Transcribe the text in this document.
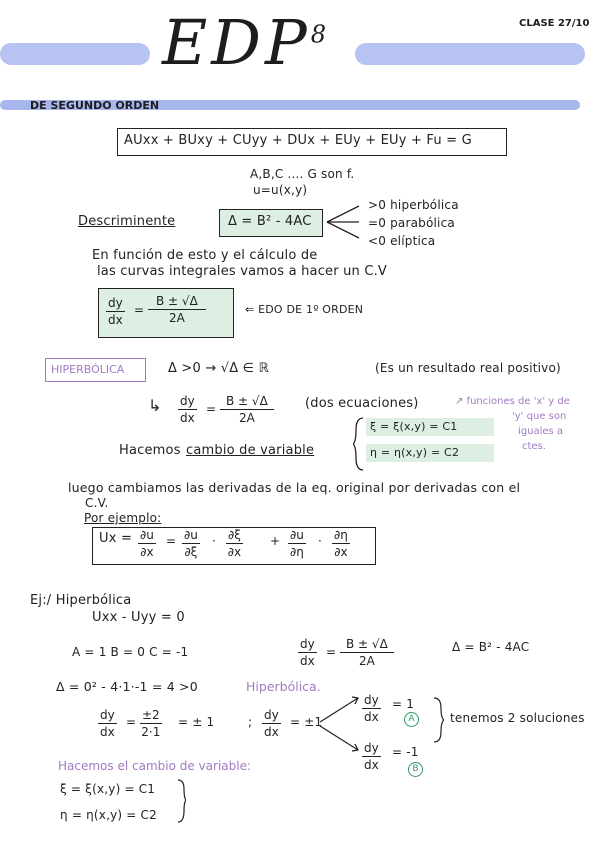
EDP$^8$	CLASE 27/10
DE SEGUNDO ORDEN
AUxx + BUxy + CUyy + DUx + EUy + EUy + Fu = G
A,B,C .... G son f.
u=u(x,y)
Descriminente	Δ = B² - 4AC
>0 hiperbólica
=0 parabólica
<0 elíptica
En función de esto y el cálculo de
las curvas integrales vamos a hacer un C.V
$\frac{dy}{dx} = \frac{B \pm √\Delta}{2A}$	⇐ EDO DE 1º ORDEN
HIPERBÓLICA	Δ >0 → √Δ ∈ ℝ	(Es un resultado real positivo)
↳ $\frac{dy}{dx} = \frac{B \pm √\Delta}{2A} (dos$ ecuaciones)	↗ funciones de 'x' y de
'y' que son
iguales a
ctes.
Hacemos cambio de variable
ξ = ξ(x,y) = C1
η = η(x,y) = C2
luego cambiamos las derivadas de la eq. original por derivadas con el
C.V.
Por ejemplo:
$Ux = \frac{\partial u}{\partial x} = \frac{\partial u}{\partial\xi} \cdot \frac{\partial\xi}{\partial x} + \frac{\partial u}{\partial\eta} \cdot \frac{\partial\eta}{\partial x}$
Ej:/ Hiperbólica
Uxx - Uyy = 0
A = 1 B = 0 C = -1	$\frac{dy}{dx} = \frac{B \pm √\Delta}{2A}$	Δ = B² - 4AC
Δ = 0² - 4·1·-1 = 4 >0	Hiperbólica.
$\frac{dy}{dx} = \frac{\pm 2}{2\cdot 1}$ = ± 1	; $\frac{dy}{dx} = \pm 1$	$\frac{dy}{dx} = 1$
A
$\frac{dy}{dx} = -1$
B
tenemos 2 soluciones
Hacemos el cambio de variable:
ξ = ξ(x,y) = C1
η = η(x,y) = C2
